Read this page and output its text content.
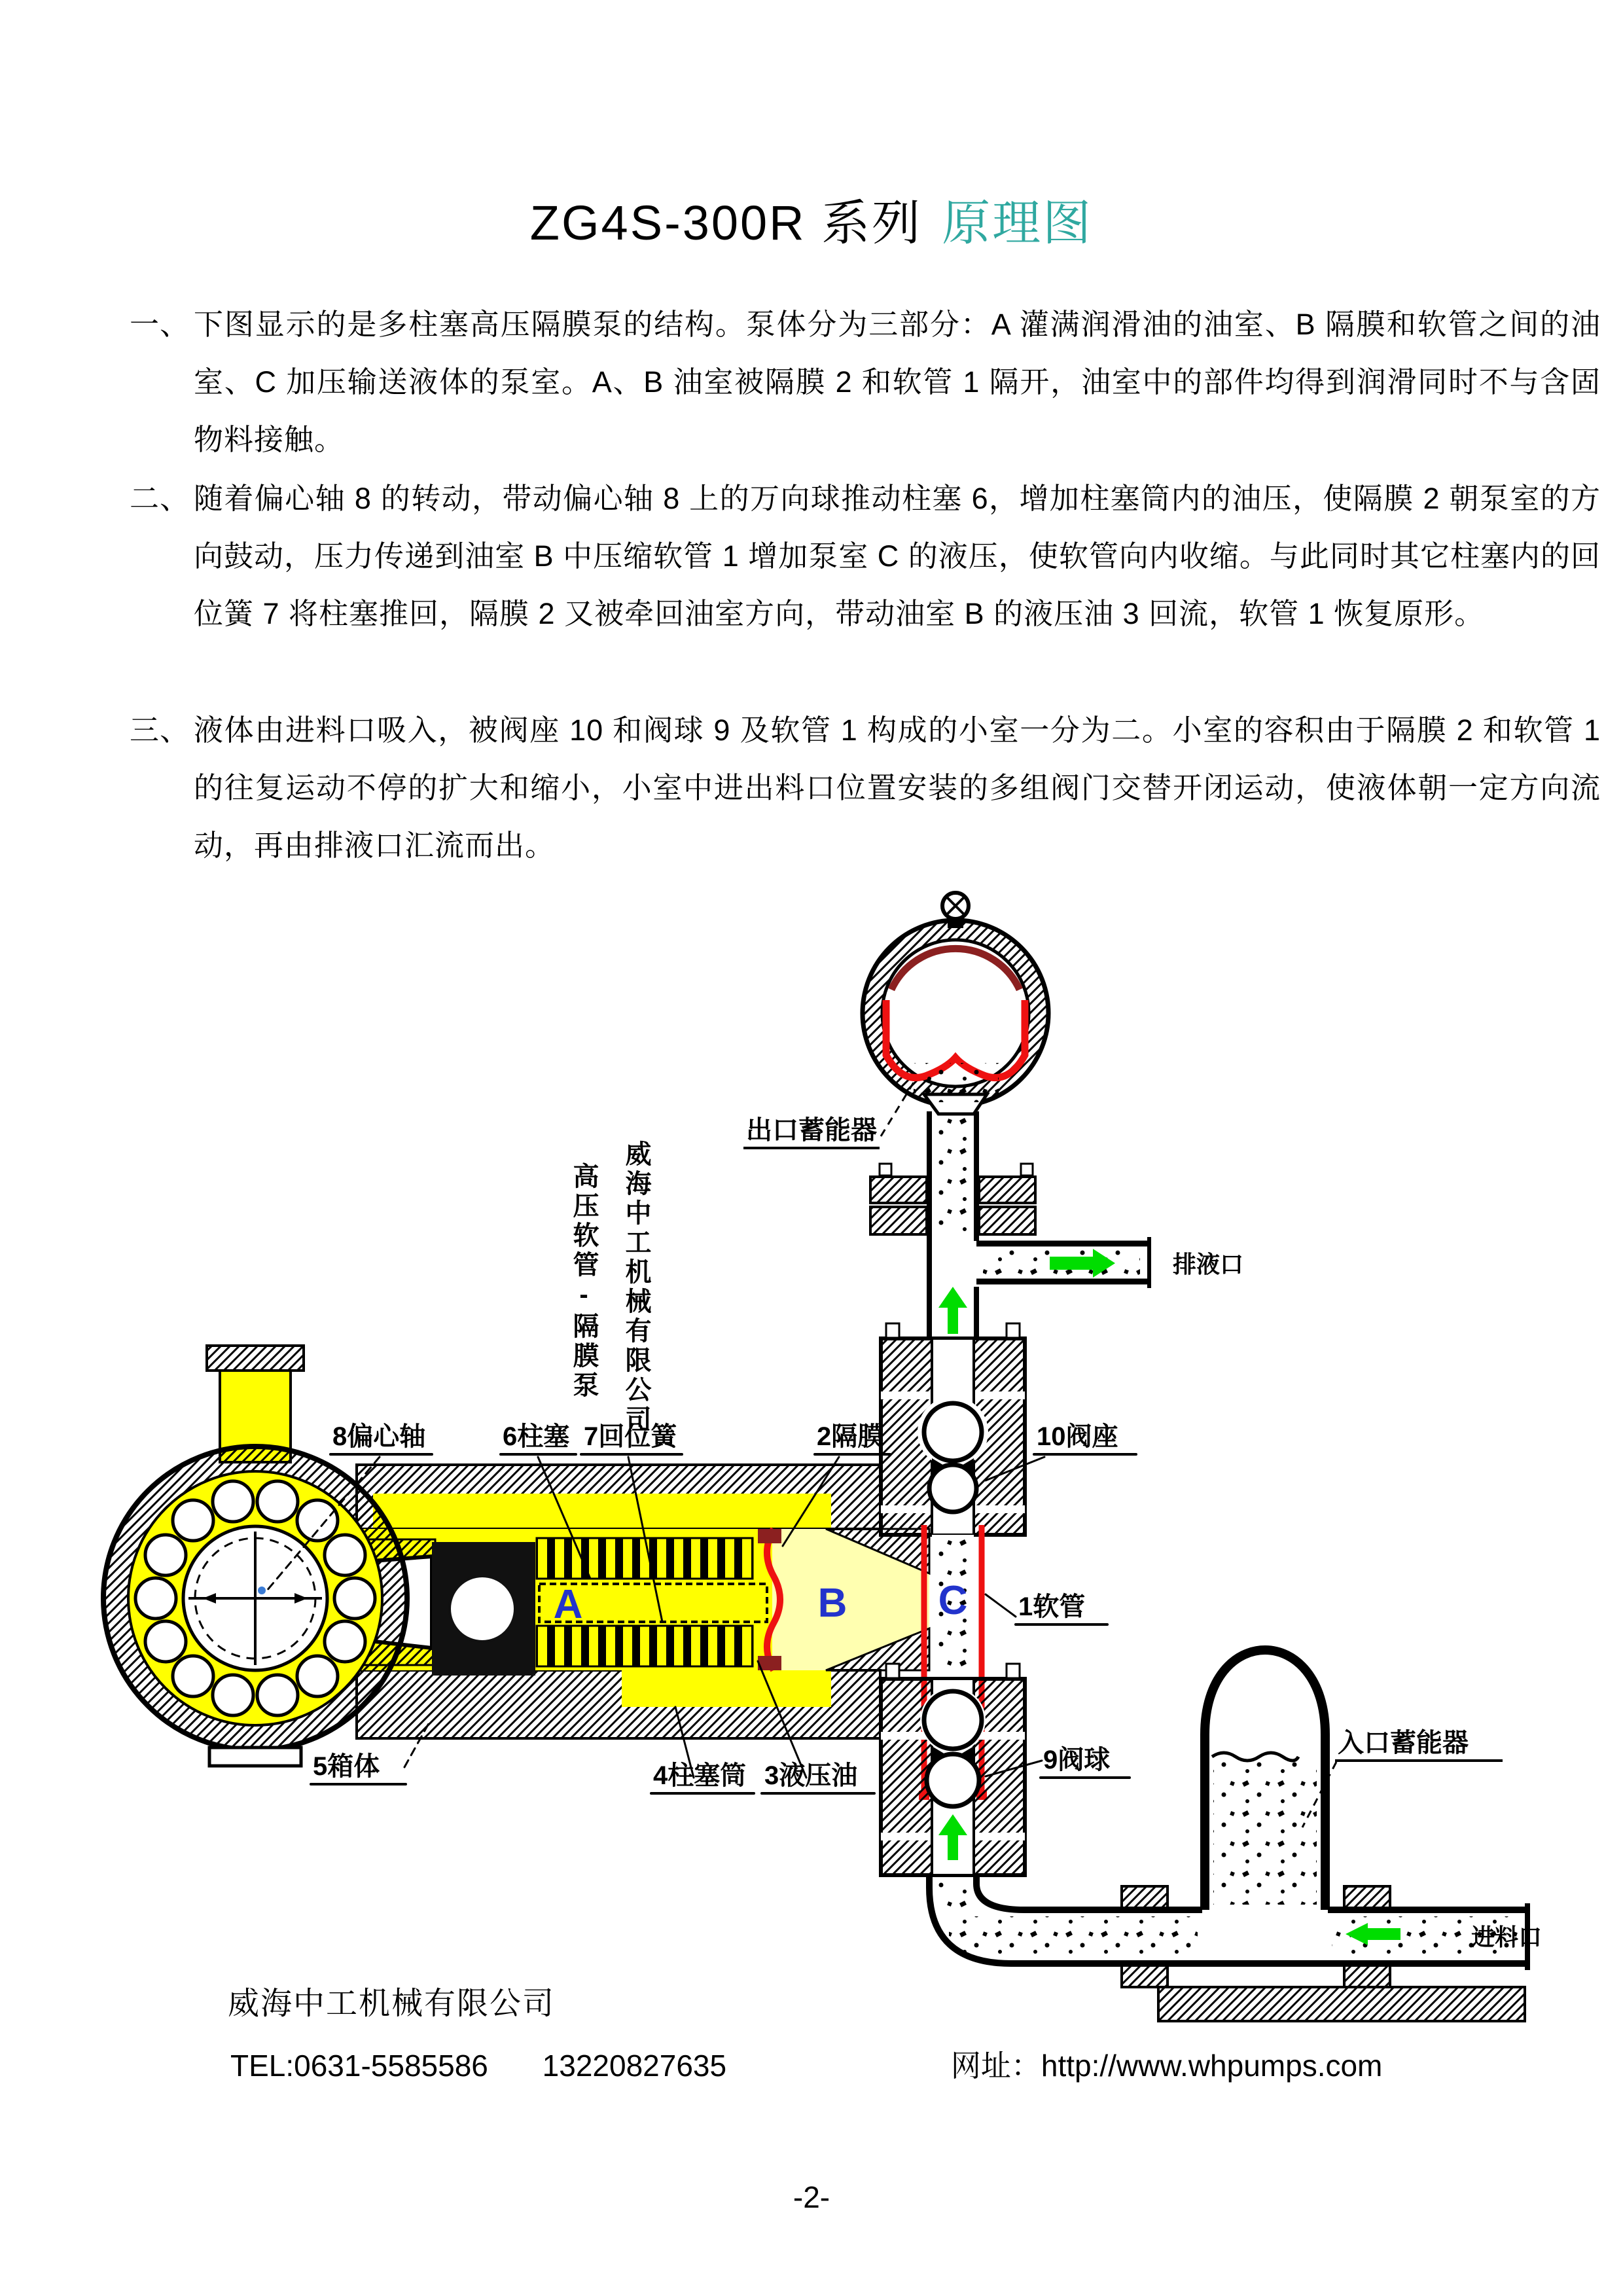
ZG4S-300R 系列 原理图
一、 下图显示的是多柱塞高压隔膜泵的结构。泵体分为三部分：A 灌满润滑油的油室、B 隔膜和软管之间的油室、C 加压输送液体的泵室。A、B 油室被隔膜 2 和软管 1 隔开，油室中的部件均得到润滑同时不与含固物料接触。
二、 随着偏心轴 8 的转动，带动偏心轴 8 上的万向球推动柱塞 6，增加柱塞筒内的油压，使隔膜 2 朝泵室的方向鼓动，压力传递到油室 B 中压缩软管 1 增加泵室 C 的液压，使软管向内收缩。与此同时其它柱塞内的回位簧 7 将柱塞推回，隔膜 2 又被牵回油室方向，带动油室 B 的液压油 3 回流，软管 1 恢复原形。
三、 液体由进料口吸入，被阀座 10 和阀球 9 及软管 1 构成的小室一分为二。小室的容积由于隔膜 2 和软管 1 的往复运动不停的扩大和缩小，小室中进出料口位置安装的多组阀门交替开闭运动，使液体朝一定方向流动，再由排液口汇流而出。
A	B C
8偏心轴	6柱塞 7回位簧	2隔膜	10阀座
5箱体	4柱塞筒 3液压油
9阀球
1软管
出口蓄能器
排液口
入口蓄能器
进料口
威海中工机械有限公司
高压软管-隔膜泵
威海中工机械有限公司
TEL:0631-5585586 13220827635	网址：http://www.whpumps.com
-2-
